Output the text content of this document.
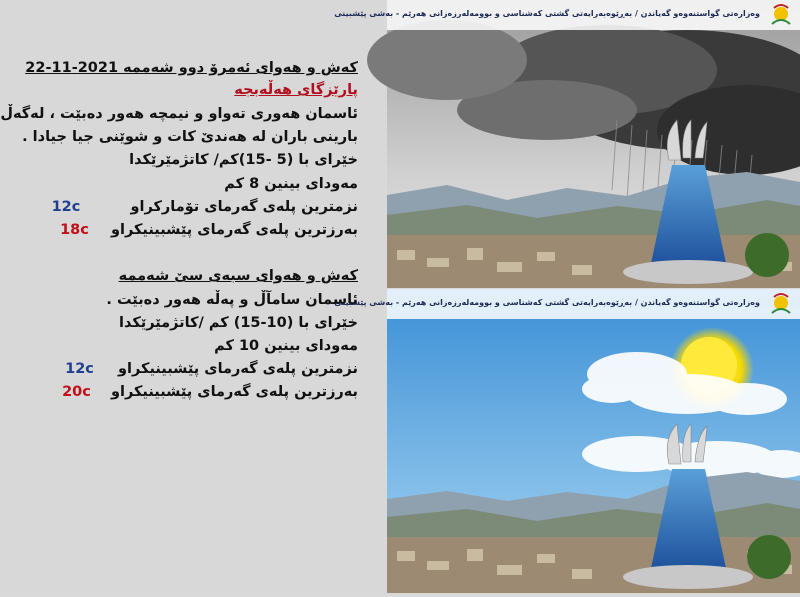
کەش و هەوای ئەمرۆ دوو شەممە 2021-11-22
پارێزگای هەڵەبجە
ئاسمان هەوری تەواو و نیمچە هەور دەبێت ، لەگەڵ
بارینی باران لە هەندێ کات و شوێنی جیا جیادا .
خێرای با (5 -15)کم/ کاتژمێرێکدا
مەودای بینین 8 کم
نزمترین پلەی گەرمای تۆمارکراو  12c
بەرزترین پلەی گەرمای پێشبینیکراو  18c
کەش و هەوای سبەی سێ شەممە
ئاسمان سامآڵ و پەڵە هەور دەبێت .
خێرای با (10-15) کم /کاتژمێرێکدا
مەودای بینین 10 کم
نزمترین پلەی گەرمای پێشبینیکراو  12c
بەرزترین پلەی گەرمای پێشبینیکراو  20c
وەزارەتی گواستنەوەو گەیاندن / بەڕێوەبەرایەتی گشتی کەشناسی و بوومەلەرزەزانی هەرێم - بەشی پێشبینی
وەزارەتی گواستنەوەو گەیاندن / بەڕێوەبەرایەتی گشتی کەشناسی و بوومەلەرزەزانی هەرێم - بەشی پێشبینی
